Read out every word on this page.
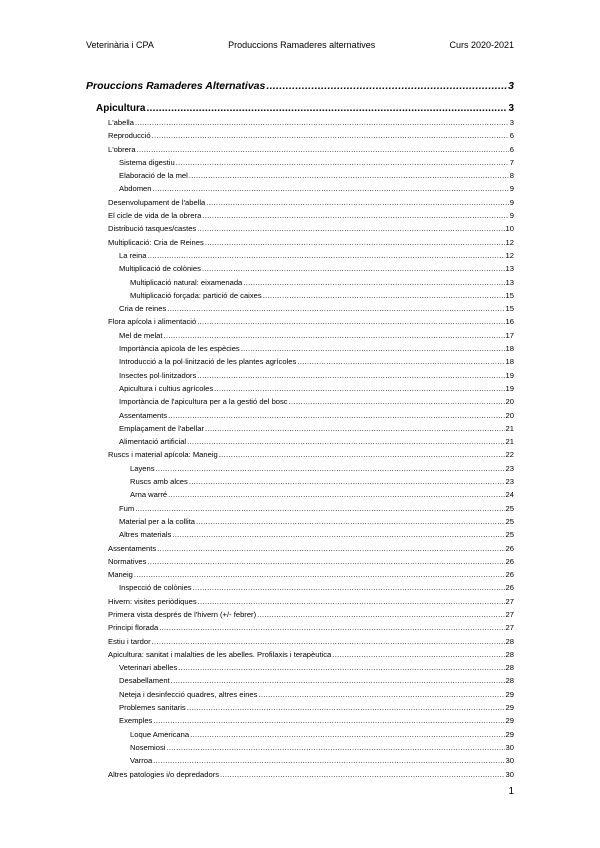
Veterinària i CPA	Produccions Ramaderes alternatives	Curs 2020-2021
Prouccions Ramaderes Alternativas .....	3
Apicultura .....	3
L'abella .....	3
Reproducció .....	6
L'obrera .....	6
Sistema digestiu .....	7
Elaboració de la mel .....	8
Abdomen .....	9
Desenvolupament de l'abella .....	9
El cicle de vida de la obrera .....	9
Distribució tasques/castes .....	10
Multiplicació: Cria de Reines .....	12
La reina .....	12
Multiplicació de colònies .....	13
Multiplicació natural: eixamenada .....	13
Multiplicació forçada: partició de caixes .....	15
Cria de reines .....	15
Flora apícola i alimentació .....	16
Mel de melat .....	17
Importància apícola de les espècies .....	18
Introducció a la pol·linització de les plantes agrícoles .....	18
Insectes pol·linitzadors .....	19
Apicultura i cultius agrícoles .....	19
Importància de l'apicultura per a la gestió del bosc .....	20
Assentaments .....	20
Emplaçament de l'abellar .....	21
Alimentació artificial .....	21
Ruscs i material apícola: Maneig .....	22
Layens .....	23
Ruscs amb alces .....	23
Arna warré .....	24
Fum .....	25
Material per a la collita .....	25
Altres materials .....	25
Assentaments .....	26
Normatives .....	26
Maneig .....	26
Inspecció de colònies .....	26
Hivern: visites periòdiques .....	27
Primera vista després de l'hivern (+/- febrer) .....	27
Principi florada .....	27
Estiu i tardor .....	28
Apicultura: sanitat i malalties de les abelles. Profilaxis i terapèutica .....	28
Veterinari abelles .....	28
Desabellament .....	28
Neteja i desinfecció quadres, altres eines .....	29
Problemes sanitaris .....	29
Exemples .....	29
Loque Americana .....	29
Nosemiosi .....	30
Varroa .....	30
Altres patologies i/o depredadors .....	30
1
